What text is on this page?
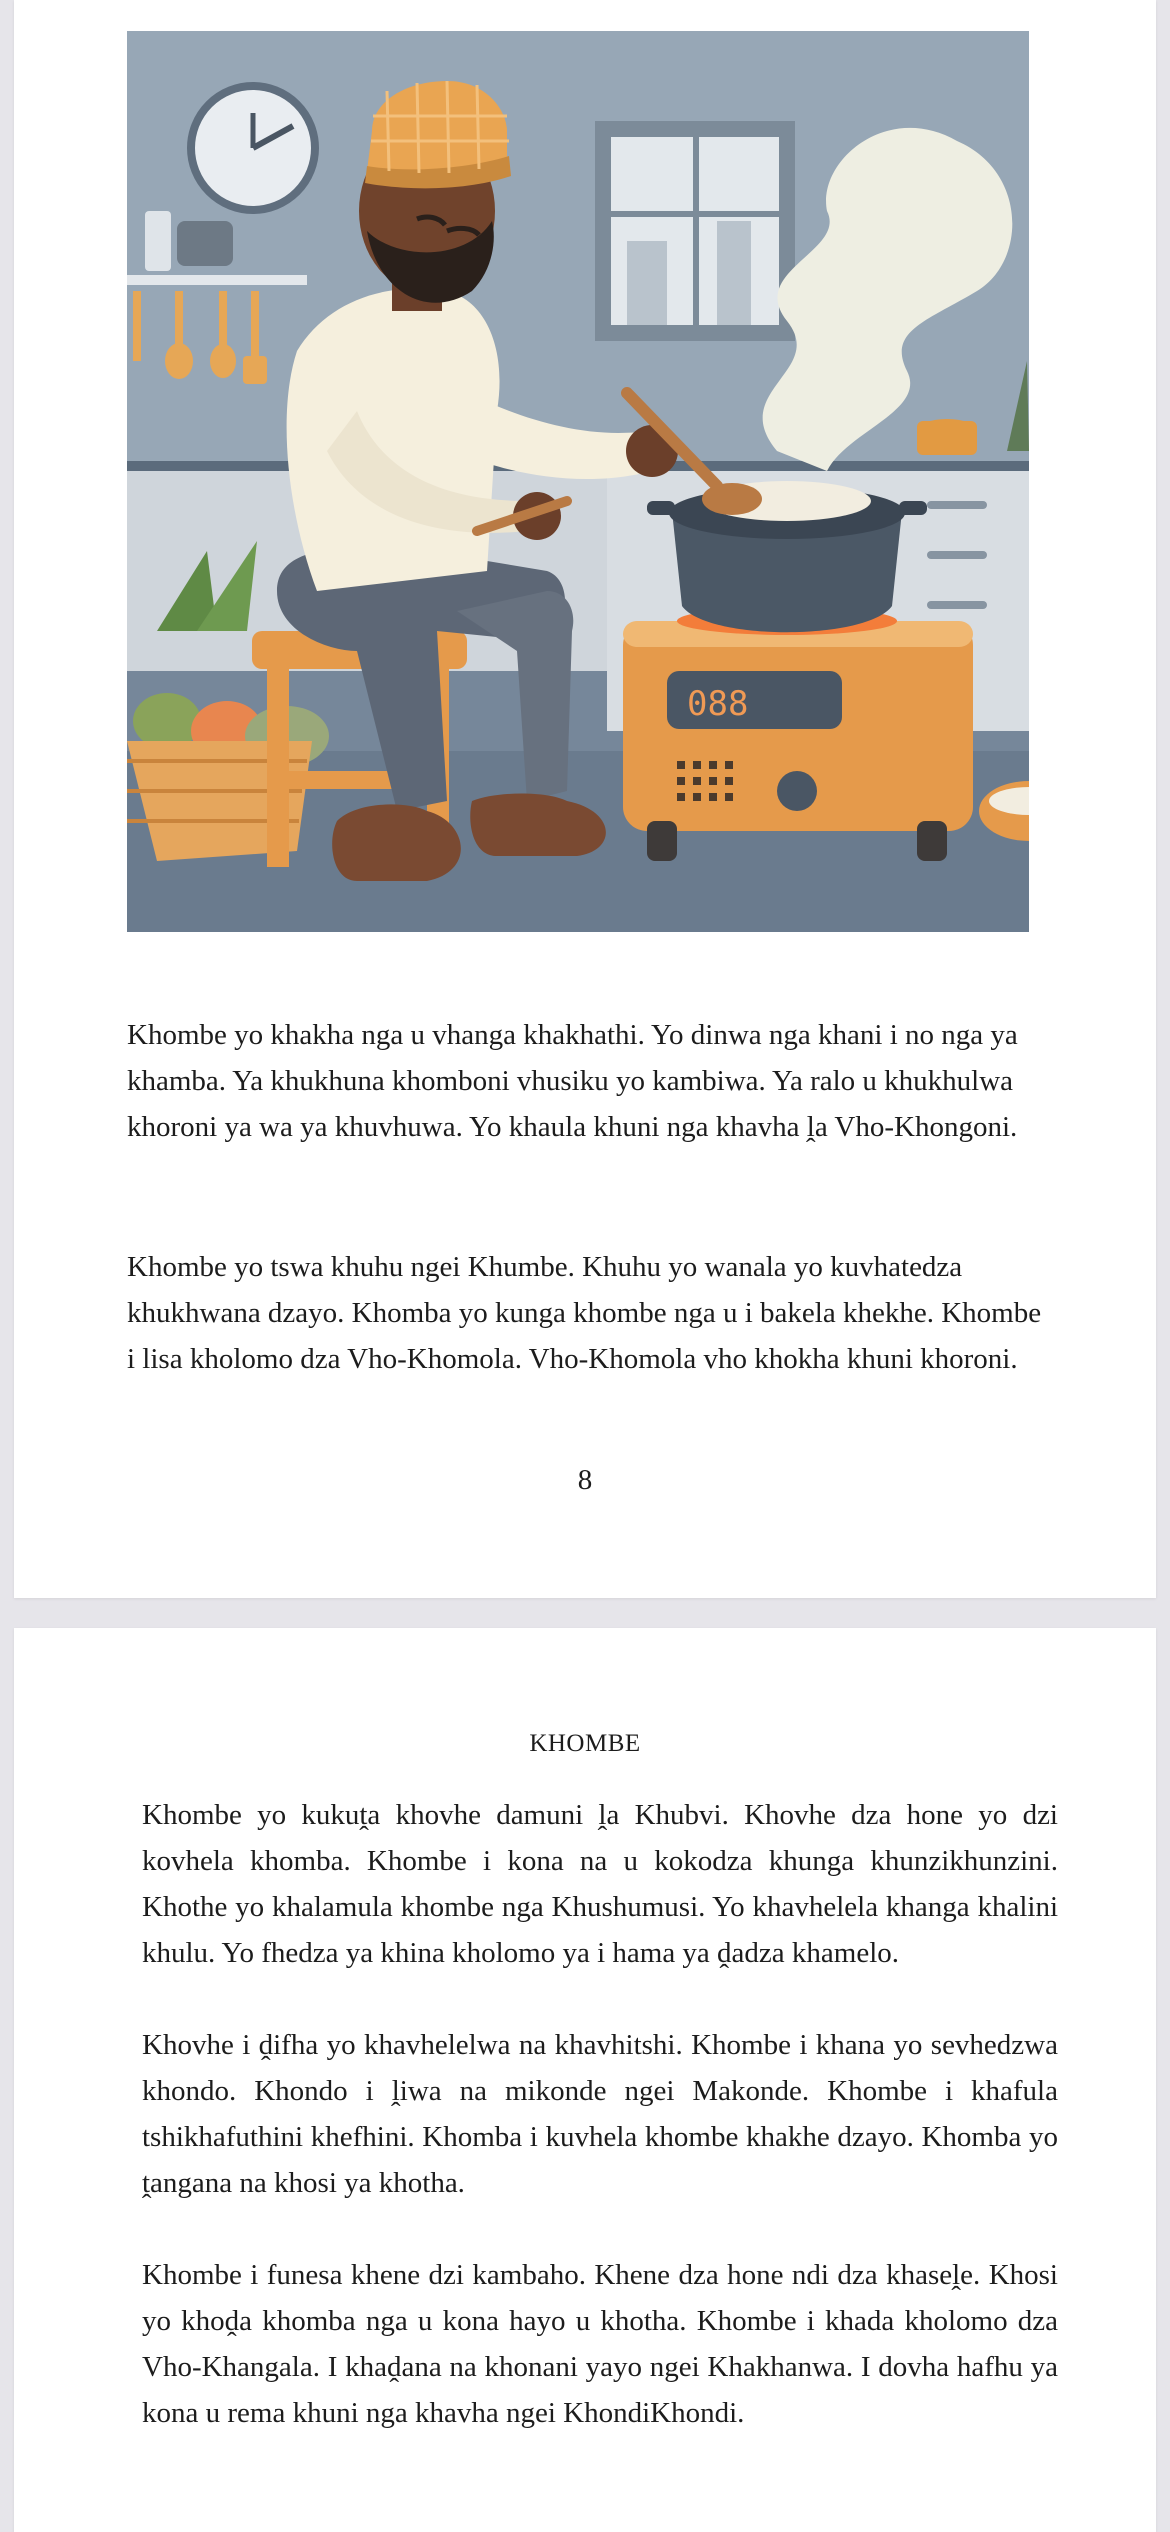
088

Khombe yo khakha nga u vhanga khakhathi. Yo dinwa nga khani i no nga ya khamba. Ya khukhuna khomboni vhusiku yo kambiwa. Ya ralo u khukhulwa khoroni ya wa ya khuvhuwa. Yo khaula khuni nga khavha ḽa Vho-Khongoni.

Khombe yo tswa khuhu ngei Khumbe. Khuhu yo wanala yo kuvhatedza khukhwana dzayo. Khomba yo kunga khombe nga u i bakela khekhe. Khombe i lisa kholomo dza Vho-Khomola. Vho-Khomola vho khokha khuni khoroni.

8
KHOMBE

Khombe yo kukuṱa khovhe damuni ḽa Khubvi. Khovhe dza hone yo dzi kovhela khomba. Khombe i kona na u kokodza khunga khunzikhunzini. Khothe yo khalamula khombe nga Khushumusi. Yo khavhelela khanga khalini khulu. Yo fhedza ya khina kholomo ya i hama ya ḓadza khamelo.

Khovhe i ḓifha yo khavhelelwa na khavhitshi. Khombe i khana yo sevhedzwa khondo. Khondo i ḽiwa na mikonde ngei Makonde. Khombe i khafula tshikhafuthini khefhini. Khomba i kuvhela khombe khakhe dzayo. Khomba yo ṱangana na khosi ya khotha.

Khombe i funesa khene dzi kambaho. Khene dza hone ndi dza khaseḽe. Khosi yo khoḓa khomba nga u kona hayo u khotha. Khombe i khada kholomo dza Vho-Khangala. I khaḓana na khonani yayo ngei Khakhanwa. I dovha hafhu ya kona u rema khuni nga khavha ngei KhondiKhondi.
